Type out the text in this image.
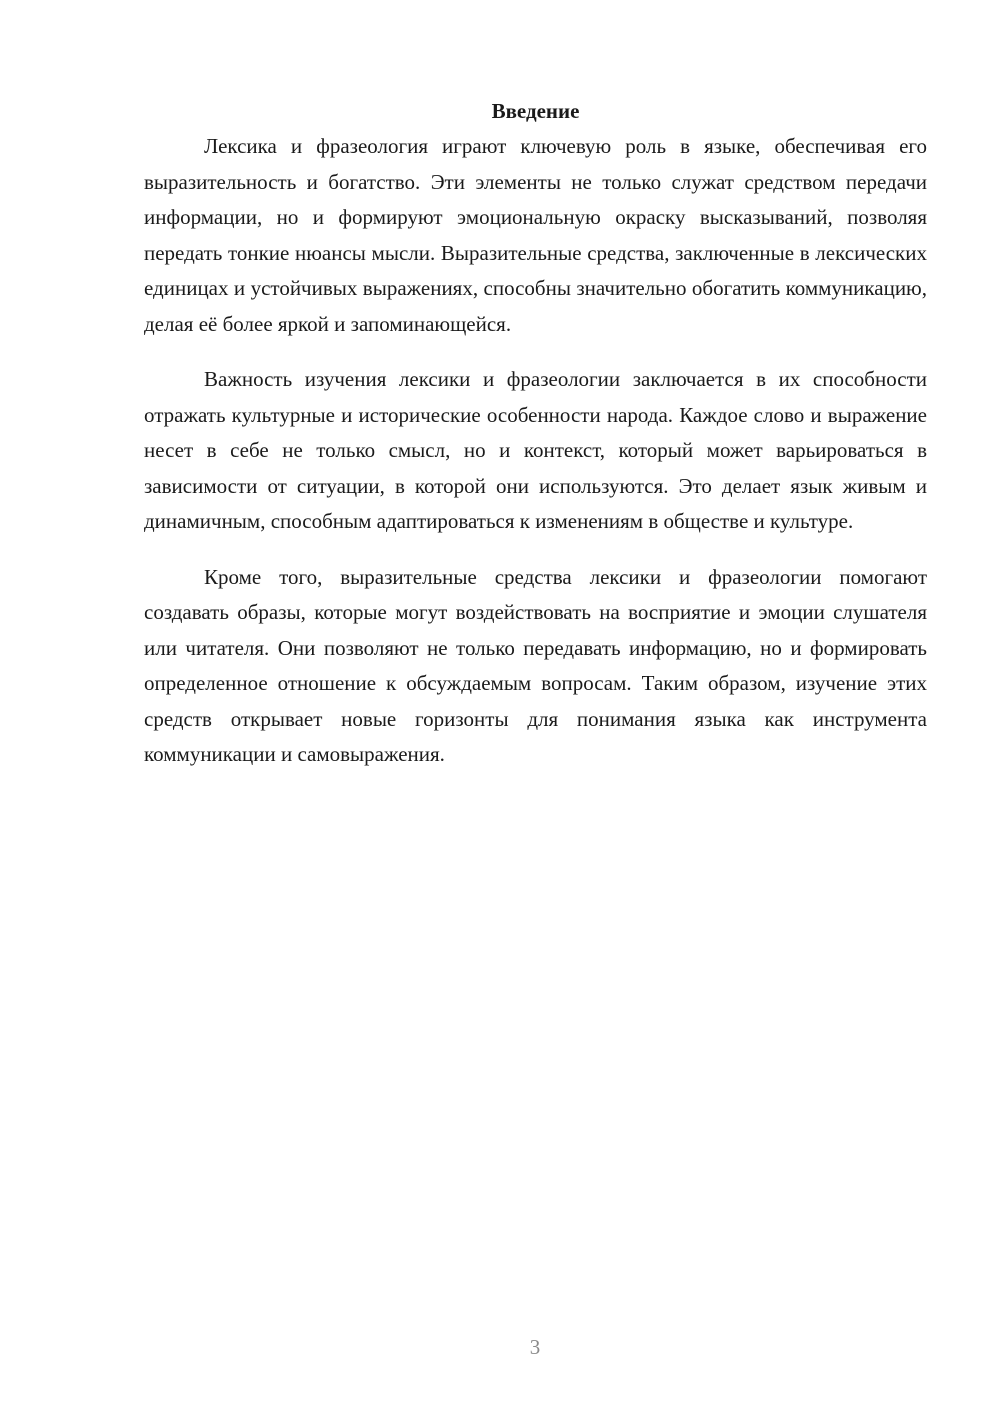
Введение

Лексика и фразеология играют ключевую роль в языке, обеспечивая его выразительность и богатство. Эти элементы не только служат средством передачи информации, но и формируют эмоциональную окраску высказываний, позволяя передать тонкие нюансы мысли. Выразительные средства, заключенные в лексических единицах и устойчивых выражениях, способны значительно обогатить коммуникацию, делая её более яркой и запоминающейся.

Важность изучения лексики и фразеологии заключается в их способности отражать культурные и исторические особенности народа. Каждое слово и выражение несет в себе не только смысл, но и контекст, который может варьироваться в зависимости от ситуации, в которой они используются. Это делает язык живым и динамичным, способным адаптироваться к изменениям в обществе и культуре.

Кроме того, выразительные средства лексики и фразеологии помогают создавать образы, которые могут воздействовать на восприятие и эмоции слушателя или читателя. Они позволяют не только передавать информацию, но и формировать определенное отношение к обсуждаемым вопросам. Таким образом, изучение этих средств открывает новые горизонты для понимания языка как инструмента коммуникации и самовыражения.

3
